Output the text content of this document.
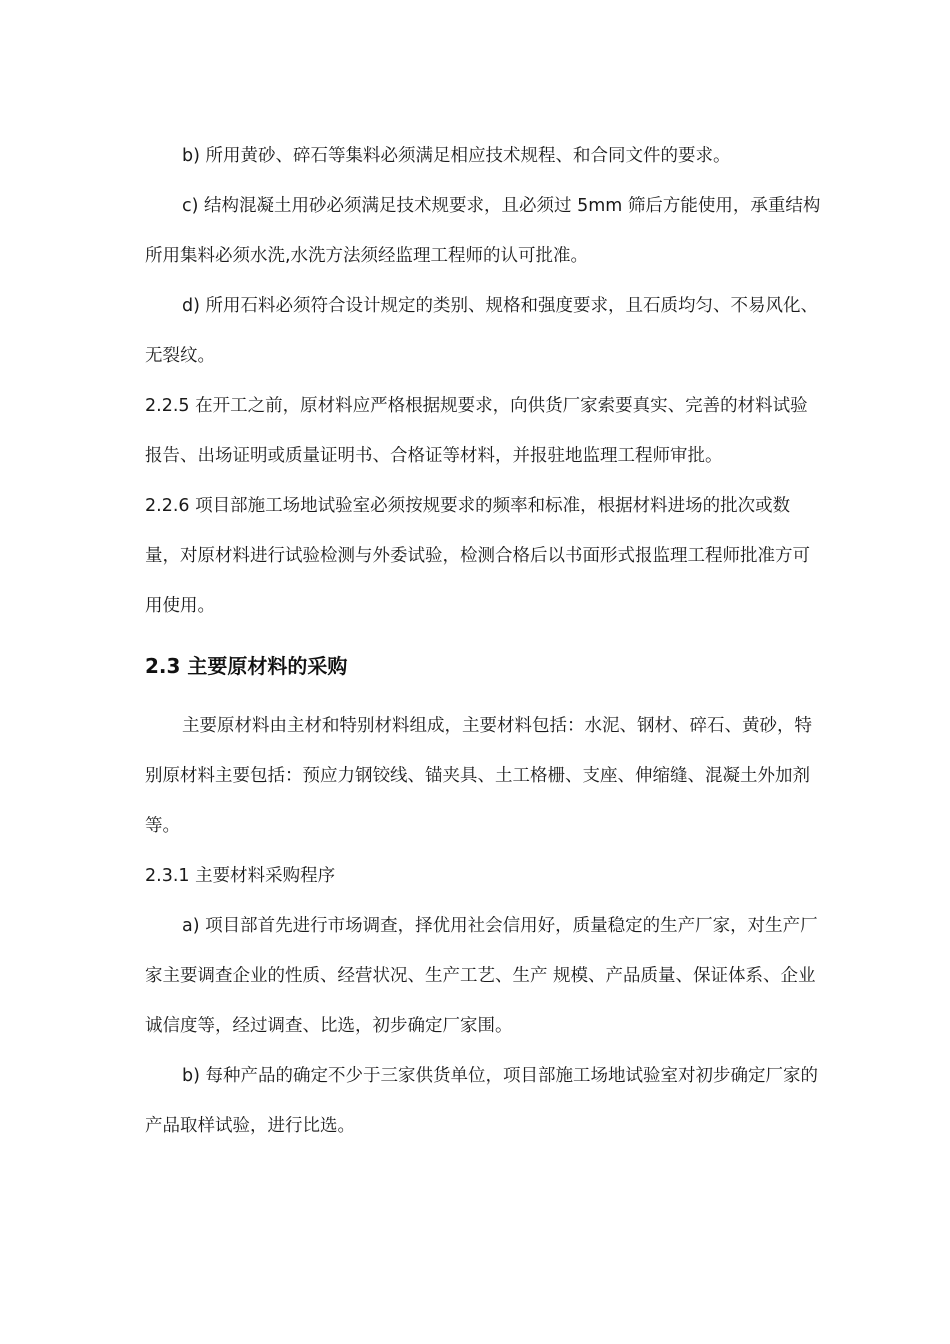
b) 所用黄砂、碎石等集料必须满足相应技术规程、和合同文件的要求。

c) 结构混凝土用砂必须满足技术规要求，且必须过 5mm 筛后方能使用，承重结构所用集料必须水洗,水洗方法须经监理工程师的认可批准。

d) 所用石料必须符合设计规定的类别、规格和强度要求，且石质均匀、不易风化、无裂纹。

2.2.5 在开工之前，原材料应严格根据规要求，向供货厂家索要真实、完善的材料试验报告、出场证明或质量证明书、合格证等材料，并报驻地监理工程师审批。

2.2.6 项目部施工场地试验室必须按规要求的频率和标准，根据材料进场的批次或数量，对原材料进行试验检测与外委试验，检测合格后以书面形式报监理工程师批准方可用使用。

2.3 主要原材料的采购

主要原材料由主材和特别材料组成，主要材料包括：水泥、钢材、碎石、黄砂，特别原材料主要包括：预应力钢铰线、锚夹具、土工格栅、支座、伸缩缝、混凝土外加剂等。

2.3.1 主要材料采购程序

a) 项目部首先进行市场调查，择优用社会信用好，质量稳定的生产厂家，对生产厂家主要调查企业的性质、经营状况、生产工艺、生产 规模、产品质量、保证体系、企业诚信度等，经过调查、比选，初步确定厂家围。

b) 每种产品的确定不少于三家供货单位，项目部施工场地试验室对初步确定厂家的产品取样试验，进行比选。
